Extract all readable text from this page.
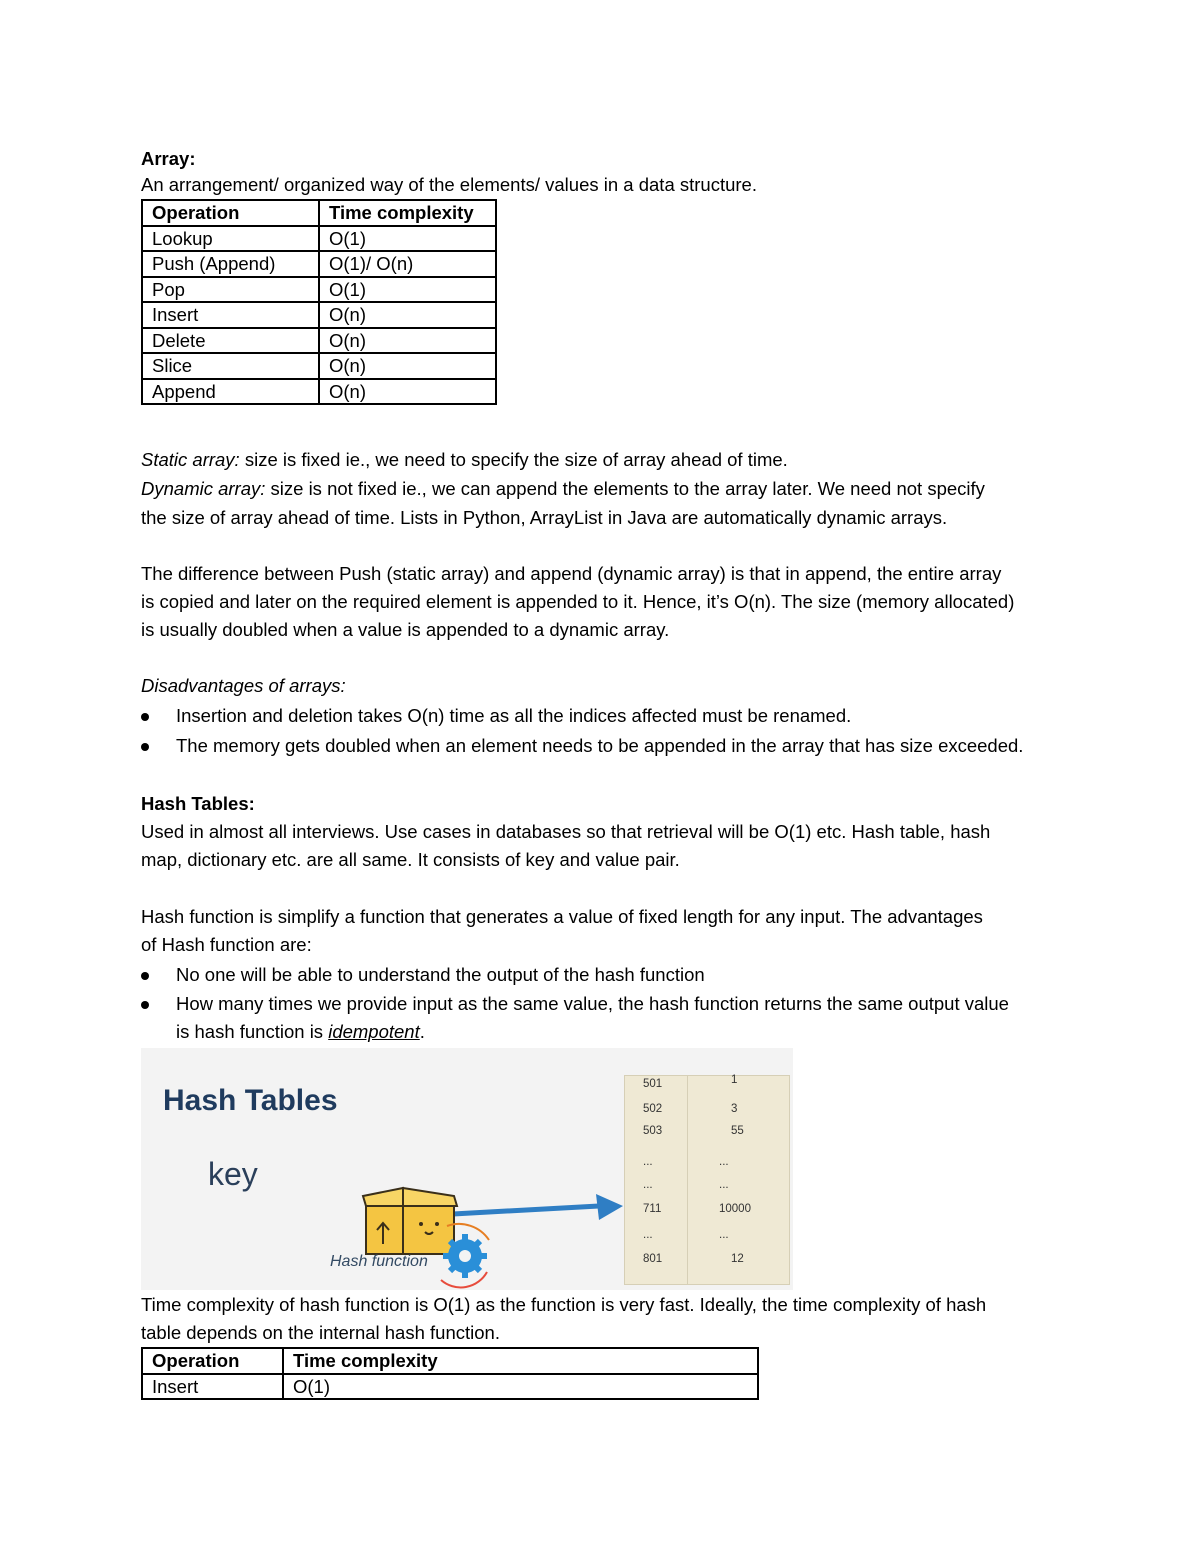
Array:
An arrangement/ organized way of the elements/ values in a data structure.
Operation	Time complexity
Lookup	O(1)
Push (Append)	O(1)/ O(n)
Pop	O(1)
Insert	O(n)
Delete	O(n)
Slice	O(n)
Append	O(n)
Static array: size is fixed ie., we need to specify the size of array ahead of time.
Dynamic array: size is not fixed ie., we can append the elements to the array later. We need not specify
the size of array ahead of time. Lists in Python, ArrayList in Java are automatically dynamic arrays.
The difference between Push (static array) and append (dynamic array) is that in append, the entire array
is copied and later on the required element is appended to it. Hence, it’s O(n). The size (memory allocated)
is usually doubled when a value is appended to a dynamic array.
Disadvantages of arrays:
Insertion and deletion takes O(n) time as all the indices affected must be renamed.
The memory gets doubled when an element needs to be appended in the array that has size exceeded.
Hash Tables:
Used in almost all interviews. Use cases in databases so that retrieval will be O(1) etc. Hash table, hash
map, dictionary etc. are all same. It consists of key and value pair.
Hash function is simplify a function that generates a value of fixed length for any input. The advantages
of Hash function are:
No one will be able to understand the output of the hash function
How many times we provide input as the same value, the hash function returns the same output value
is hash function is idempotent.
Hash Tables
key
Hash function
501	1
502	3
503	55
...	...
...	...
711	10000
...	...
801	12
Time complexity of hash function is O(1) as the function is very fast. Ideally, the time complexity of hash
table depends on the internal hash function.
Operation	Time complexity
Insert	O(1)
